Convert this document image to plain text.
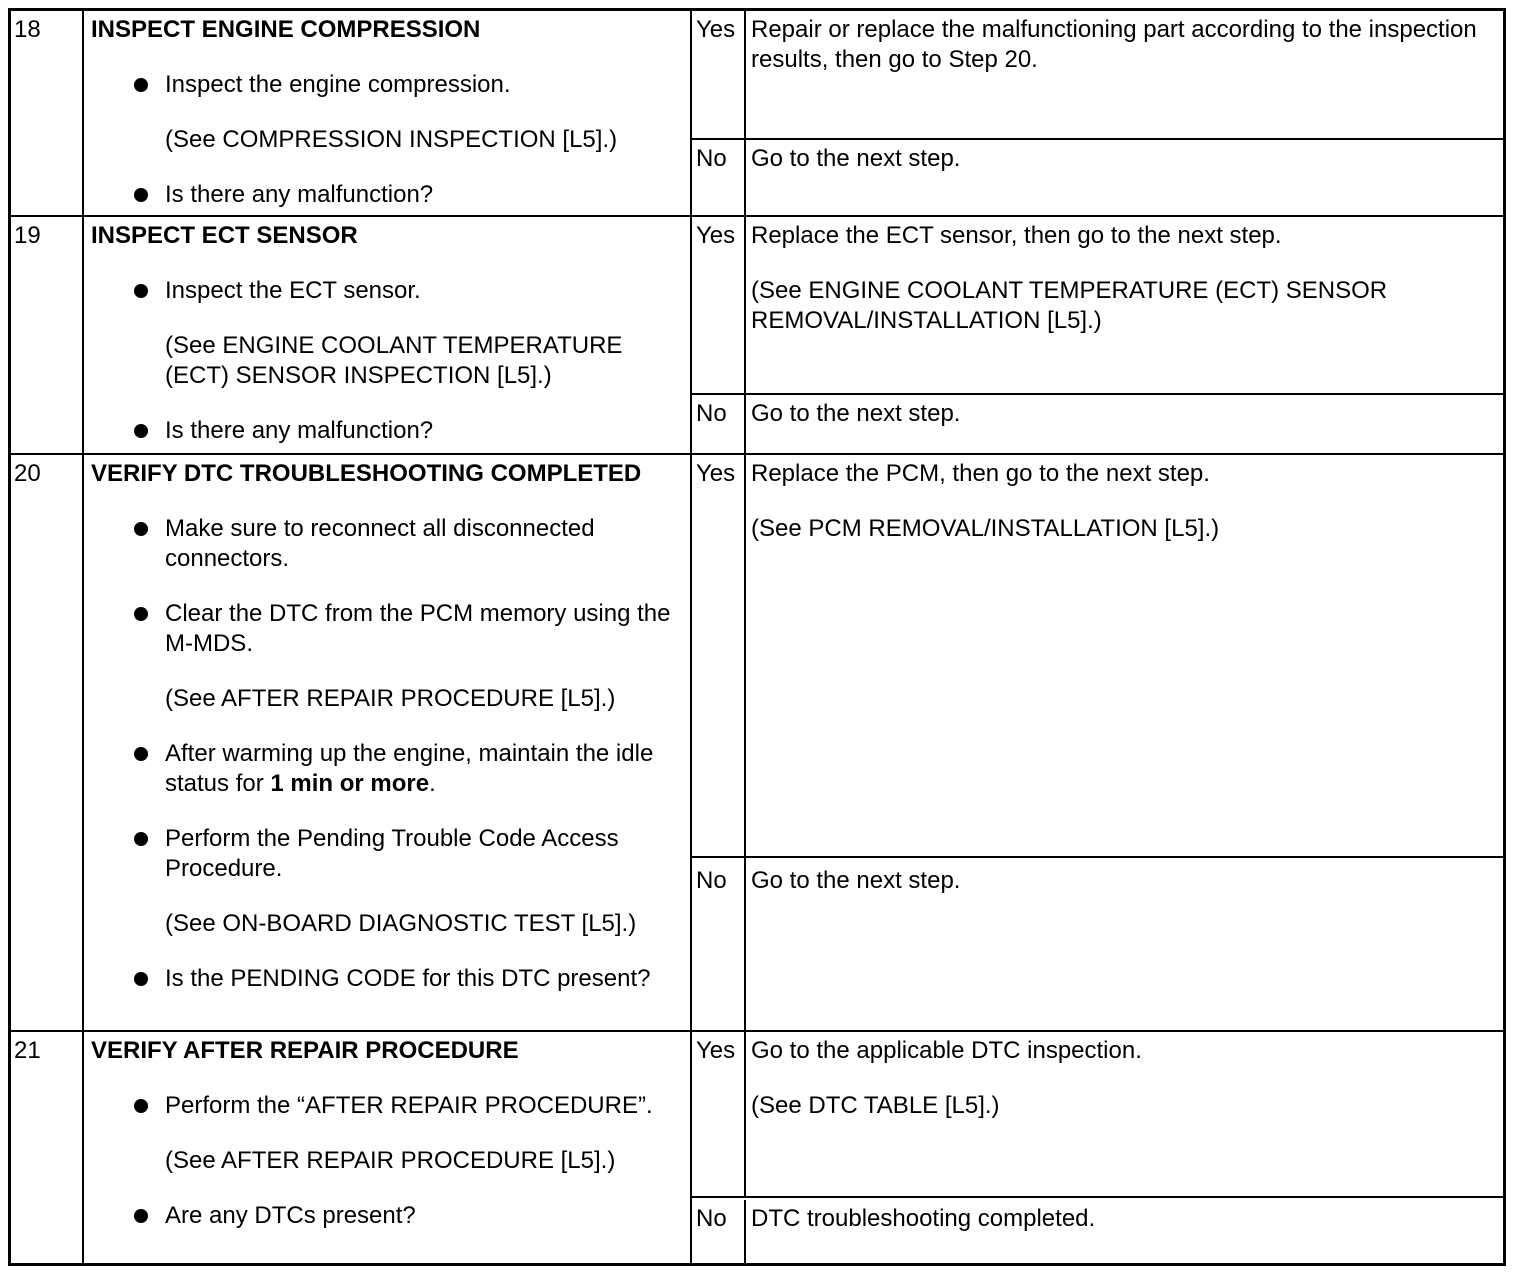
18 INSPECT ENGINE COMPRESSION
Inspect the engine compression.

(See COMPRESSION INSPECTION [L5].)

Is there any malfunction?
Yes Repair or replace the malfunctioning part according to the inspection results, then go to Step 20.

No Go to the next step.

19 INSPECT ECT SENSOR
Inspect the ECT sensor.

(See ENGINE COOLANT TEMPERATURE (ECT) SENSOR INSPECTION [L5].)

Is there any malfunction?
Yes Replace the ECT sensor, then go to the next step.

(See ENGINE COOLANT TEMPERATURE (ECT) SENSOR REMOVAL/INSTALLATION [L5].)

No Go to the next step.

20 VERIFY DTC TROUBLESHOOTING COMPLETED
Make sure to reconnect all disconnected connectors.
Clear the DTC from the PCM memory using the M-MDS.

(See AFTER REPAIR PROCEDURE [L5].)

After warming up the engine, maintain the idle status for 1 min or more.
Perform the Pending Trouble Code Access Procedure.

(See ON-BOARD DIAGNOSTIC TEST [L5].)

Is the PENDING CODE for this DTC present?
Yes Replace the PCM, then go to the next step.

(See PCM REMOVAL/INSTALLATION [L5].)

No Go to the next step.

21 VERIFY AFTER REPAIR PROCEDURE
Perform the “AFTER REPAIR PROCEDURE”.

(See AFTER REPAIR PROCEDURE [L5].)

Are any DTCs present?
Yes Go to the applicable DTC inspection.

(See DTC TABLE [L5].)

No DTC troubleshooting completed.
